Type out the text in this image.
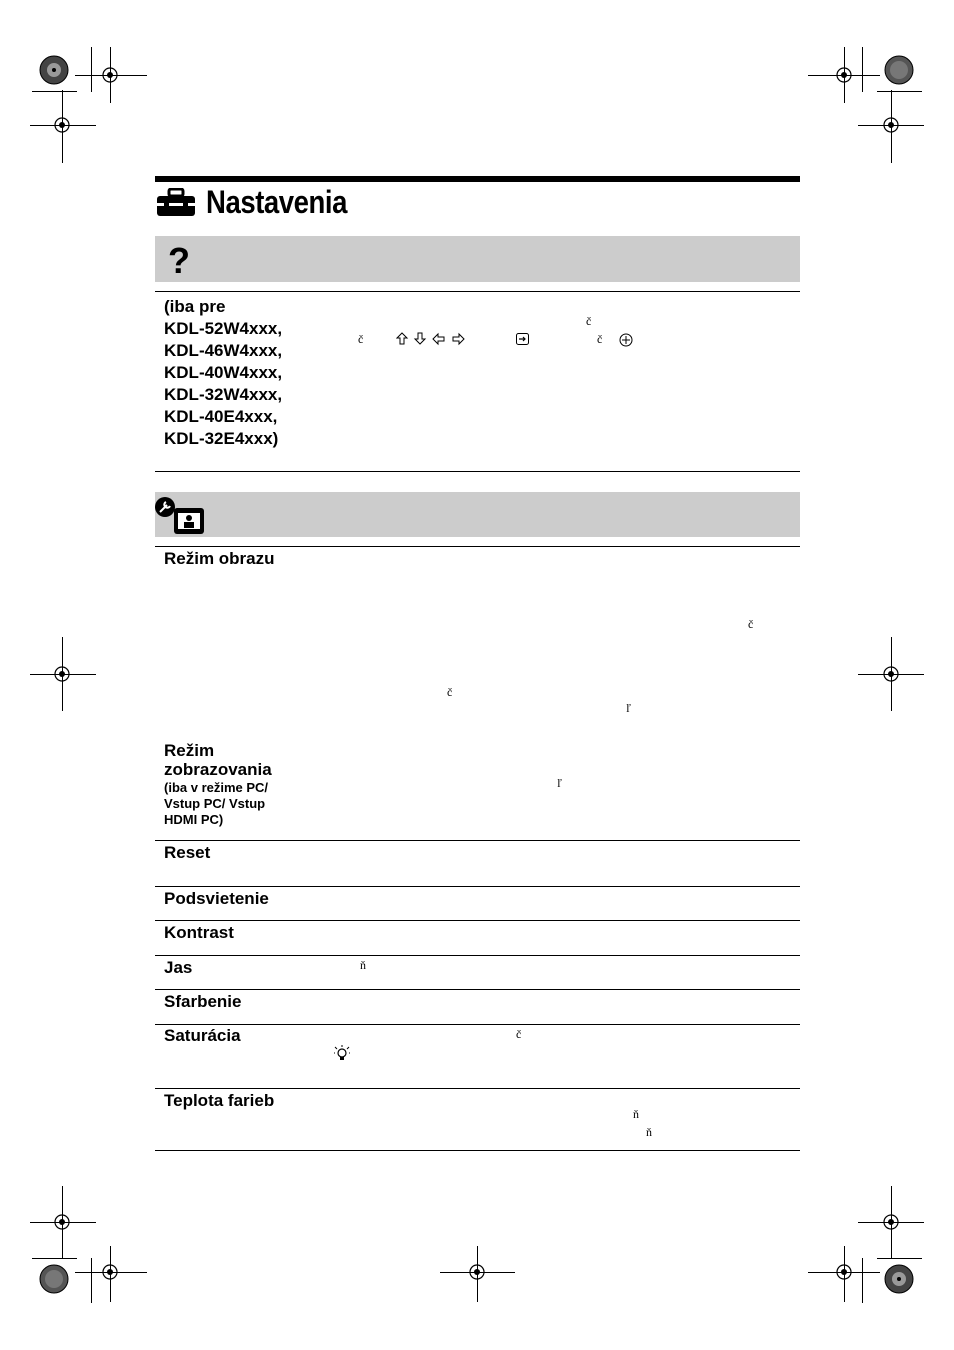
Nastavenia
?
(iba pre
KDL-52W4xxx,
KDL-46W4xxx,
KDL-40W4xxx,
KDL-32W4xxx,
KDL-40E4xxx,
KDL-32E4xxx)
č
č	č
Režim obrazu
č
č
ľ
Režim
zobrazovania
(iba v režime PC/
Vstup PC/ Vstup
HDMI PC)
ľ
Reset
Podsvietenie
Kontrast
Jas	ň
Sfarbenie
Saturácia	č
Teplota farieb
ň
ň
